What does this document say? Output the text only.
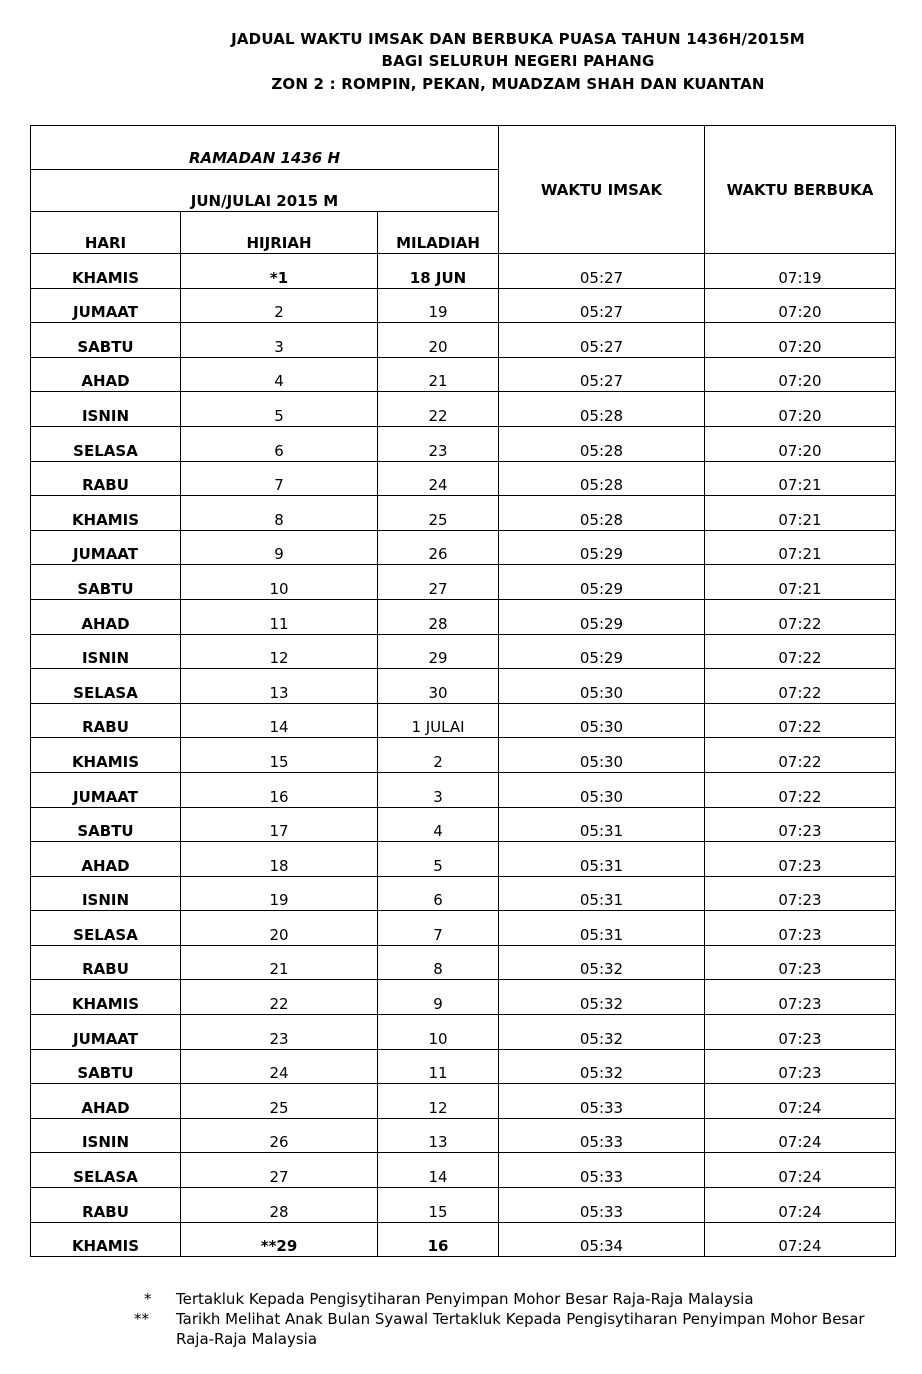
JADUAL WAKTU IMSAK DAN BERBUKA PUASA TAHUN 1436H/2015M
BAGI SELURUH NEGERI PAHANG
ZON 2 : ROMPIN, PEKAN, MUADZAM SHAH DAN KUANTAN
RAMADAN 1436 H			WAKTU IMSAK	WAKTU BERBUKA
JUN/JULAI 2015 M				
HARI	HIJRIAH	MILADIAH		
KHAMIS	*1	18 JUN	05:27	07:19
JUMAAT	2	19	05:27	07:20
SABTU	3	20	05:27	07:20
AHAD	4	21	05:27	07:20
ISNIN	5	22	05:28	07:20
SELASA	6	23	05:28	07:20
RABU	7	24	05:28	07:21
KHAMIS	8	25	05:28	07:21
JUMAAT	9	26	05:29	07:21
SABTU	10	27	05:29	07:21
AHAD	11	28	05:29	07:22
ISNIN	12	29	05:29	07:22
SELASA	13	30	05:30	07:22
RABU	14	1 JULAI	05:30	07:22
KHAMIS	15	2	05:30	07:22
JUMAAT	16	3	05:30	07:22
SABTU	17	4	05:31	07:23
AHAD	18	5	05:31	07:23
ISNIN	19	6	05:31	07:23
SELASA	20	7	05:31	07:23
RABU	21	8	05:32	07:23
KHAMIS	22	9	05:32	07:23
JUMAAT	23	10	05:32	07:23
SABTU	24	11	05:32	07:23
AHAD	25	12	05:33	07:24
ISNIN	26	13	05:33	07:24
SELASA	27	14	05:33	07:24
RABU	28	15	05:33	07:24
KHAMIS	**29	16	05:34	07:24
*	Tertakluk Kepada Pengisytiharan Penyimpan Mohor Besar Raja-Raja Malaysia
**	Tarikh Melihat Anak Bulan Syawal Tertakluk Kepada Pengisytiharan Penyimpan Mohor Besar Raja-Raja Malaysia
